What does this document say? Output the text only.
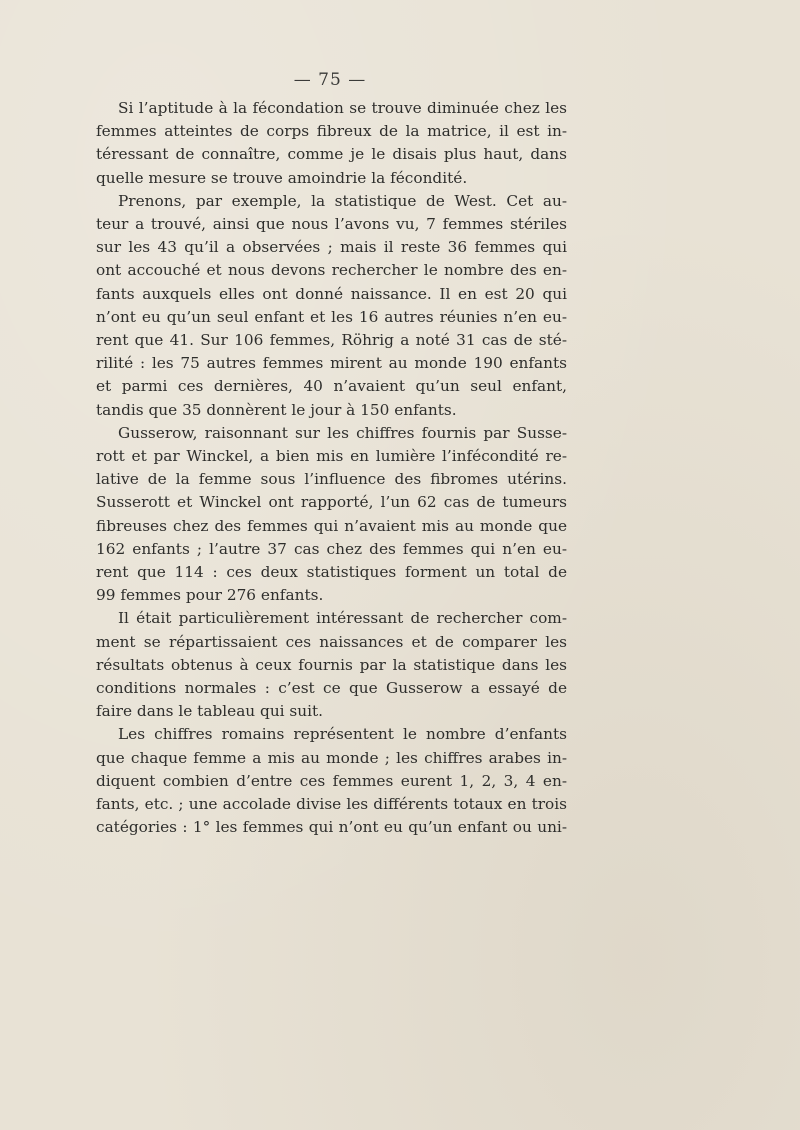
— 75 —
Si l’aptitude à la fécondation se trouve diminuée chez les
femmes atteintes de corps fibreux de la matrice, il est in-
téressant de connaître, comme je le disais plus haut, dans
quelle mesure se trouve amoindrie la fécondité.
Prenons, par exemple, la statistique de West. Cet au-
teur a trouvé, ainsi que nous l’avons vu, 7 femmes stériles
sur les 43 qu’il a observées ; mais il reste 36 femmes qui
ont accouché et nous devons rechercher le nombre des en-
fants auxquels elles ont donné naissance. Il en est 20 qui
n’ont eu qu’un seul enfant et les 16 autres réunies n’en eu-
rent que 41. Sur 106 femmes, Röhrig a noté 31 cas de sté-
rilité : les 75 autres femmes mirent au monde 190 enfants
et parmi ces dernières, 40 n’avaient qu’un seul enfant,
tandis que 35 donnèrent le jour à 150 enfants.
Gusserow, raisonnant sur les chiffres fournis par Susse-
rott et par Winckel, a bien mis en lumière l’infécondité re-
lative de la femme sous l’influence des fibromes utérins.
Susserott et Winckel ont rapporté, l’un 62 cas de tumeurs
fibreuses chez des femmes qui n’avaient mis au monde que
162 enfants ; l’autre 37 cas chez des femmes qui n’en eu-
rent que 114 : ces deux statistiques forment un total de
99 femmes pour 276 enfants.
Il était particulièrement intéressant de rechercher com-
ment se répartissaient ces naissances et de comparer les
résultats obtenus à ceux fournis par la statistique dans les
conditions normales : c’est ce que Gusserow a essayé de
faire dans le tableau qui suit.
Les chiffres romains représentent le nombre d’enfants
que chaque femme a mis au monde ; les chiffres arabes in-
diquent combien d’entre ces femmes eurent 1, 2, 3, 4 en-
fants, etc. ; une accolade divise les différents totaux en trois
catégories : 1° les femmes qui n’ont eu qu’un enfant ou uni-
